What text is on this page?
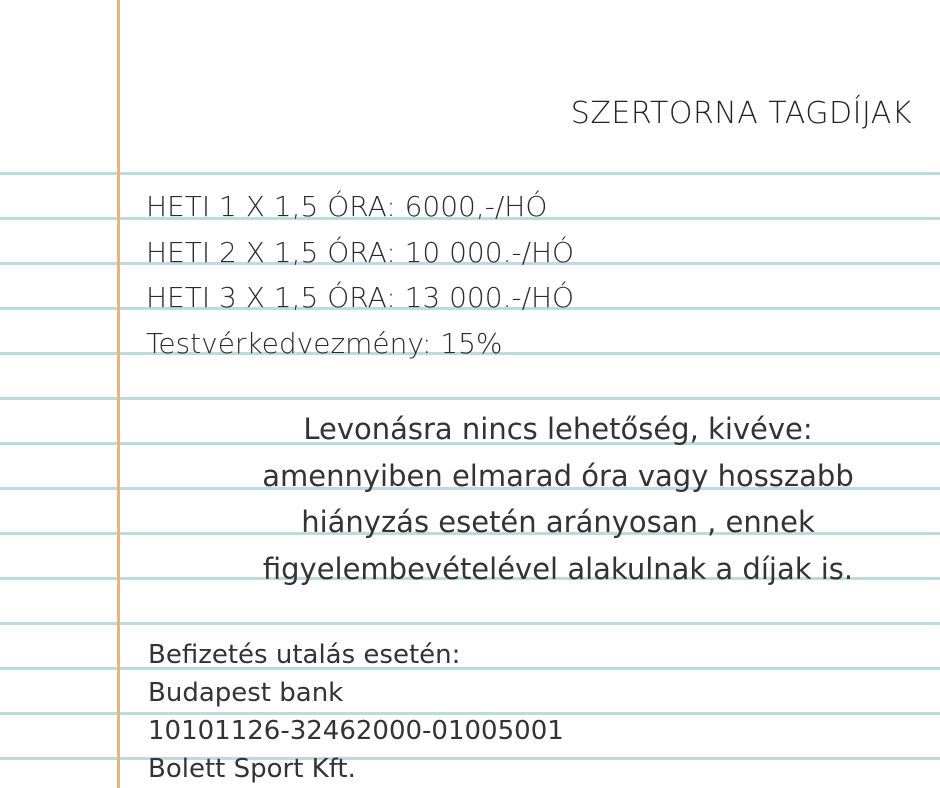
SZERTORNA TAGDÍJAK
HETI 1 X 1,5 ÓRA: 6000,-/HÓ
HETI 2 X 1,5 ÓRA: 10 000.-/HÓ
HETI 3 X 1,5 ÓRA: 13 000.-/HÓ
Testvérkedvezmény: 15%
Levonásra nincs lehetőség, kivéve:
amennyiben elmarad óra vagy hosszabb
hiányzás esetén arányosan , ennek
figyelembevételével alakulnak a díjak is.
Befizetés utalás esetén:
Budapest bank
10101126-32462000-01005001
Bolett Sport Kft.
